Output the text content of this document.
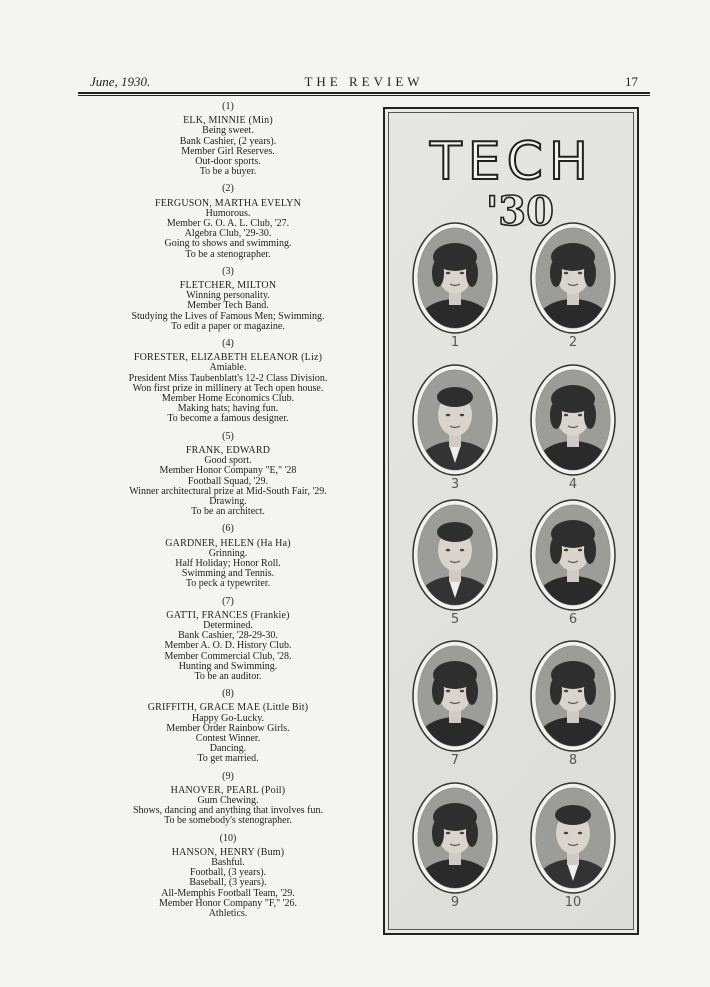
June, 1930.	THE REVIEW	17
(1)
ELK, MINNIE (Min)
Being sweet.
Bank Cashier, (2 years).
Member Girl Reserves.
Out-door sports.
To be a buyer.
(2)
FERGUSON, MARTHA EVELYN
Humorous.
Member G. O. A. L. Club, '27.
Algebra Club, '29-30.
Going to shows and swimming.
To be a stenographer.
(3)
FLETCHER, MILTON
Winning personality.
Member Tech Band.
Studying the Lives of Famous Men; Swimming.
To edit a paper or magazine.
(4)
FORESTER, ELIZABETH ELEANOR (Liz)
Amiable.
President Miss Taubenblatt's 12-2 Class Division.
Won first prize in millinery at Tech open house.
Member Home Economics Club.
Making hats; having fun.
To become a famous designer.
(5)
FRANK, EDWARD
Good sport.
Member Honor Company "E," '28
Football Squad, '29.
Winner architectural prize at Mid-South Fair, '29.
Drawing.
To be an architect.
(6)
GARDNER, HELEN (Ha Ha)
Grinning.
Half Holiday; Honor Roll.
Swimming and Tennis.
To peck a typewriter.
(7)
GATTI, FRANCES (Frankie)
Determined.
Bank Cashier, '28-29-30.
Member A. O. D. History Club.
Member Commercial Club, '28.
Hunting and Swimming.
To be an auditor.
(8)
GRIFFITH, GRACE MAE (Little Bit)
Happy Go-Lucky.
Member Order Rainbow Girls.
Contest Winner.
Dancing.
To get married.
(9)
HANOVER, PEARL (Poil)
Gum Chewing.
Shows, dancing and anything that involves fun.
To be somebody's stenographer.
(10)
HANSON, HENRY (Bum)
Bashful.
Football, (3 years).
Baseball, (3 years).
All-Memphis Football Team, '29.
Member Honor Company "F," '26.
Athletics.
TECH
'30
1	2
3	4
5	6
7	8
9	10
